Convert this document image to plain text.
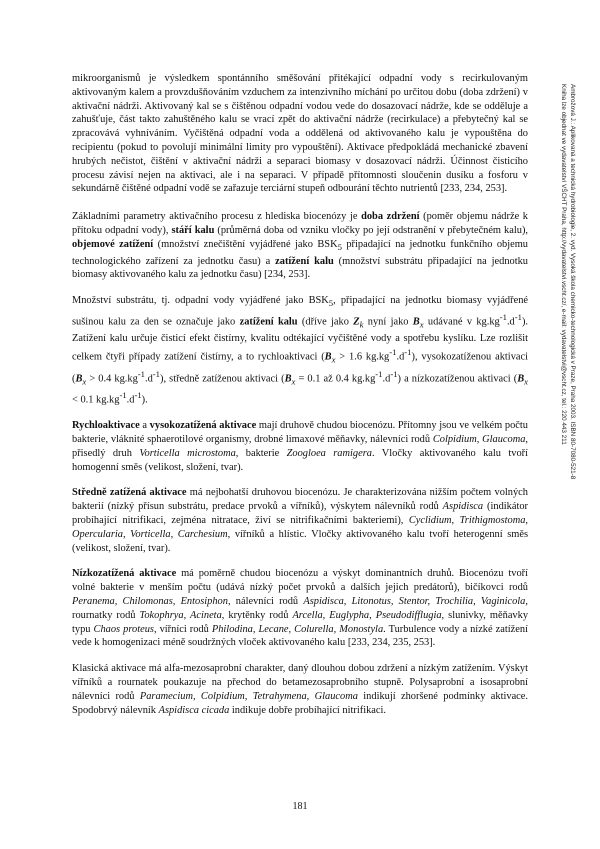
Ambrožová J.: Aplikovaná a technická hydrobiologie, 2. vyd. Vysoká škola chemicko-technologická v Praze, Praha 2003. ISBN 80-7080-521-8
Kniha lze objednat ve vydavatelství VŠCHT Praha, http://vydavatelstvi.vscht.cz/, e-mail: vydavatelstvi@vscht.cz, tel.: 220 443 211

mikroorganismů je výsledkem spontánního směšování přitékající odpadní vody s recirkulovaným aktivovaným kalem a provzdušňováním vzduchem za intenzivního míchání po určitou dobu (doba zdržení) v aktivační nádrži. Aktivovaný kal se s čištěnou odpadní vodou vede do dosazovací nádrže, kde se odděluje a zahušťuje, část takto zahuštěného kalu se vrací zpět do aktivační nádrže (recirkulace) a přebytečný kal se zpracovává vyhníváním. Vyčištěná odpadní voda a oddělená od aktivovaného kalu je vypouštěna do recipientu (pokud to povolují minimální limity pro vypouštění). Aktivace předpokládá mechanické zbavení hrubých nečistot, čištění v aktivační nádrži a separaci biomasy v dosazovací nádrži. Účinnost čisticího procesu závisí nejen na aktivaci, ale i na separaci. V případě přítomnosti sloučenin dusíku a fosforu v sekundárně čištěné odpadní vodě se zařazuje terciární stupeň odbourání těchto nutrientů [233, 234, 253].

Základními parametry aktivačního procesu z hlediska biocenózy je doba zdržení (poměr objemu nádrže k přítoku odpadní vody), stáří kalu (průměrná doba od vzniku vločky po její odstranění v přebytečném kalu), objemové zatížení (množství znečištění vyjádřené jako $BSK_5$ připadající na jednotku funkčního objemu technologického zařízení za jednotku času) a zatížení kalu (množství substrátu připadající na jednotku biomasy aktivovaného kalu za jednotku času) [234, 253].

Množství substrátu, tj. odpadní vody vyjádřené jako $BSK_5$, připadající na jednotku biomasy vyjádřené sušinou kalu za den se označuje jako zatížení kalu (dříve jako $Z_k$ nyní jako $B_x$ udávané v $kg.kg^{-1}.d^{-1}$). Zatížení kalu určuje čisticí efekt čistírny, kvalitu odtékající vyčištěné vody a spotřebu kyslíku. Lze rozlišit celkem čtyři případy zatížení čistírny, a to rychloaktivaci ($B_x > 1.6$ $kg.kg^{-1}.d^{-1}$), vysokozatíženou aktivaci ($B_x > 0.4$ $kg.kg^{-1}.d^{-1}$), středně zatíženou aktivaci ($B_x = 0.1$ až 0.4 $kg.kg^{-1}.d^{-1}$) a nízkozatíženou aktivaci ($B_x < 0.1$ $kg.kg^{-1}.d^{-1}$).

Rychloaktivace a vysokozatížená aktivace mají druhově chudou biocenózu. Přítomny jsou ve velkém počtu bakterie, vláknité sphaerotilové organismy, drobné limaxové měňavky, nálevníci rodů Colpidium, Glaucoma, přisedlý druh Vorticella microstoma, bakterie Zoogloea ramigera. Vločky aktivovaného kalu tvoří homogenní směs (velikost, složení, tvar).

Středně zatížená aktivace má nejbohatší druhovou biocenózu. Je charakterizována nižším počtem volných bakterií (nízký přísun substrátu, predace prvoků a vířníků), výskytem nálevníků rodů Aspidisca (indikátor probíhající nitrifikaci, zejména nitratace, živí se nitrifikačními bakteriemi), Cyclidium, Trithigmostoma, Opercularia, Vorticella, Carchesium, vířníků a hlístic. Vločky aktivovaného kalu tvoří heterogenní směs (velikost, složení, tvar).

Nízkozatížená aktivace má poměrně chudou biocenózu a výskyt dominantních druhů. Biocenózu tvoří volné bakterie v menším počtu (udává nízký počet prvoků a dalších jejich predátorů), bičíkovci rodů Peranema, Chilomonas, Entosiphon, nálevníci rodů Aspidisca, Litonotus, Stentor, Trochilia, Vaginicola, rournatky rodů Tokophrya, Acineta, krytěnky rodů Arcella, Euglypha, Pseudodifflugia, slunivky, měňavky typu Chaos proteus, vířníci rodů Philodina, Lecane, Colurella, Monostyla. Turbulence vody a nízké zatížení vede k homogenizaci méně soudržných vloček aktivovaného kalu [233, 234, 235, 253].

Klasická aktivace má alfa-mezosaprobní charakter, daný dlouhou dobou zdržení a nízkým zatížením. Výskyt vířníků a rournatek poukazuje na přechod do betamezosaprobního stupně. Polysaprobní a isosaprobní nálevníci rodů Paramecium, Colpidium, Tetrahymena, Glaucoma indikují zhoršené podmínky aktivace. Spodobrvý nálevník Aspidisca cicada indikuje dobře probíhající nitrifikaci.

181
